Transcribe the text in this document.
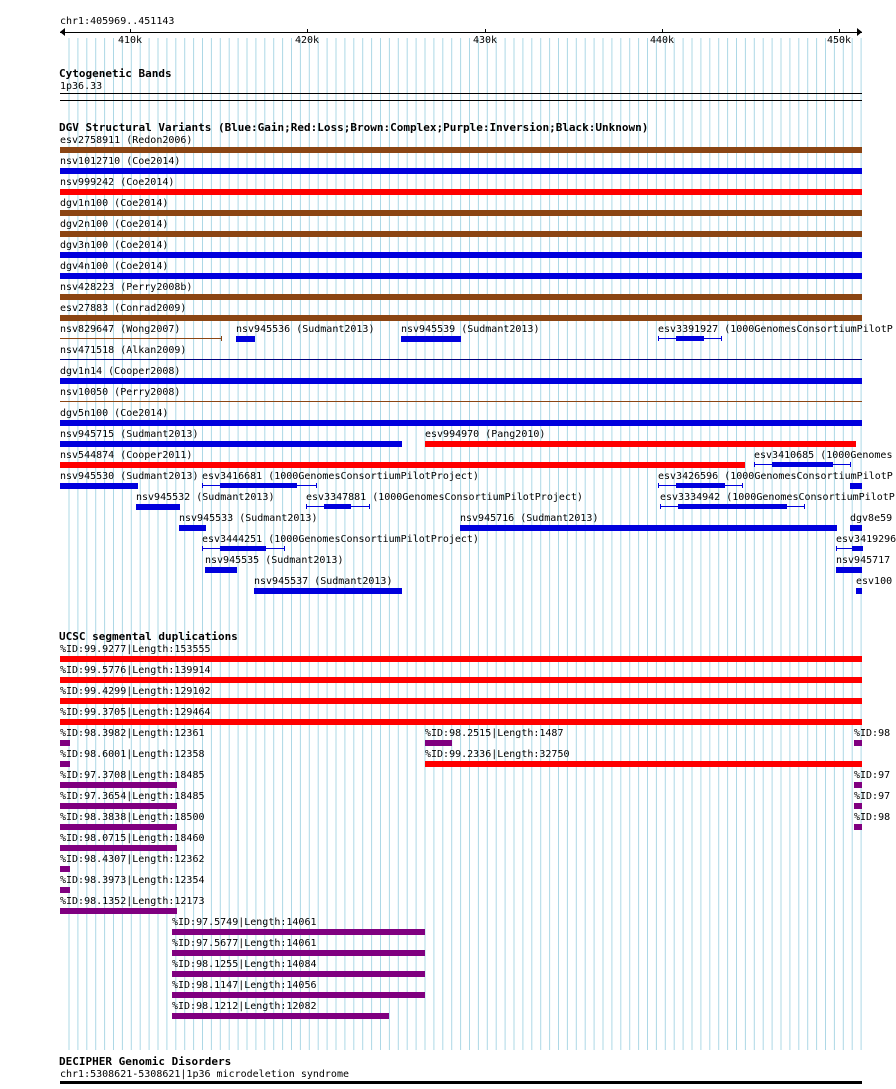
chr1:405969..451143
410k	420k	430k	440k	450k
Cytogenetic Bands
1p36.33
DGV Structural Variants (Blue:Gain;Red:Loss;Brown:Complex;Purple:Inversion;Black:Unknown)
esv2758911 (Redon2006)
nsv1012710 (Coe2014)
nsv999242 (Coe2014)
dgv1n100 (Coe2014)
dgv2n100 (Coe2014)
dgv3n100 (Coe2014)
dgv4n100 (Coe2014)
nsv428223 (Perry2008b)
esv27883 (Conrad2009)
nsv829647 (Wong2007)	nsv945536 (Sudmant2013)	nsv945539 (Sudmant2013)	esv3391927 (1000GenomesConsortiumPilotP
nsv471518 (Alkan2009)
dgv1n14 (Cooper2008)
nsv10050 (Perry2008)
dgv5n100 (Coe2014)
nsv945715 (Sudmant2013)	esv994970 (Pang2010)
nsv544874 (Cooper2011)	esv3410685 (1000Genomes
nsv945530 (Sudmant2013) esv3416681 (1000GenomesConsortiumPilotProject)	esv3426596 (1000GenomesConsortiumPilotP
nsv945532 (Sudmant2013)	esv3347881 (1000GenomesConsortiumPilotProject)	esv3334942 (1000GenomesConsortiumPilotP
nsv945533 (Sudmant2013)	nsv945716 (Sudmant2013)	dgv8e59
esv3444251 (1000GenomesConsortiumPilotProject)	esv3419296
nsv945535 (Sudmant2013)	nsv945717
nsv945537 (Sudmant2013)	esv100
UCSC segmental duplications
%ID:99.9277|Length:153555
%ID:99.5776|Length:139914
%ID:99.4299|Length:129102
%ID:99.3705|Length:129464
%ID:98.3982|Length:12361	%ID:98.2515|Length:1487	%ID:98
%ID:98.6001|Length:12358	%ID:99.2336|Length:32750
%ID:97.3708|Length:18485	%ID:97
%ID:97.3654|Length:18485	%ID:97
%ID:98.3838|Length:18500	%ID:98
%ID:98.0715|Length:18460
%ID:98.4307|Length:12362
%ID:98.3973|Length:12354
%ID:98.1352|Length:12173
%ID:97.5749|Length:14061
%ID:97.5677|Length:14061
%ID:98.1255|Length:14084
%ID:98.1147|Length:14056
%ID:98.1212|Length:12082
DECIPHER Genomic Disorders
chr1:5308621-5308621|1p36 microdeletion syndrome
